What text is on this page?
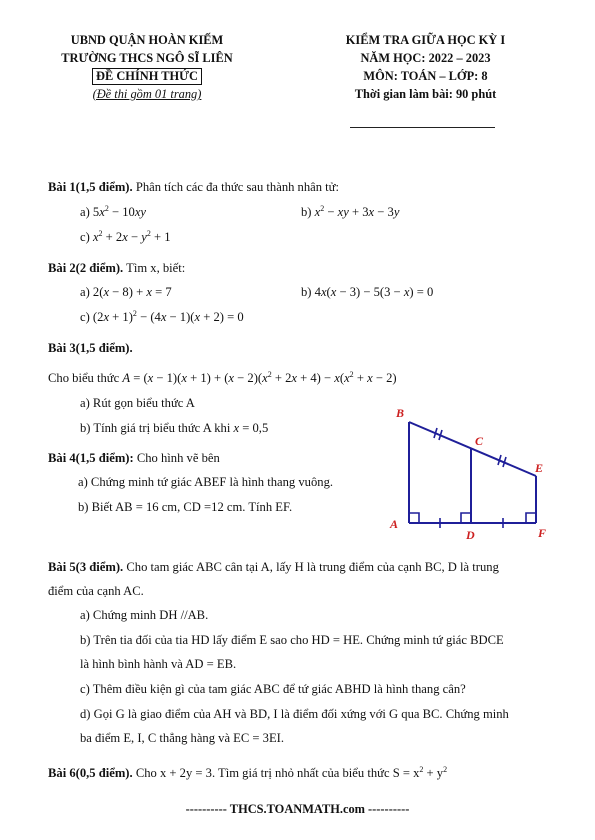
UBND QUẬN HOÀN KIẾM
TRƯỜNG THCS NGÔ SĨ LIÊN
ĐỀ CHÍNH THỨC
(Đề thi gồm 01 trang)
KIỂM TRA GIỮA HỌC KỲ I
NĂM HỌC: 2022 – 2023
MÔN: TOÁN – LỚP: 8
Thời gian làm bài: 90 phút
Bài 1(1,5 điểm). Phân tích các đa thức sau thành nhân tử:
a) $5x^2 - 10xy$	b) $x^2$ − xy + 3x − 3y
c) $x^2 + 2x - y^2 + 1$
Bài 2(2 điểm). Tìm x, biết:
a) 2(x − 8) + x = 7	b) 4x(x − 3) − 5(3 − x) = 0
c) $(2x + 1)^2 - (4x - 1)(x + 2) = 0$
Bài 3(1,5 điểm).
Cho biểu thức $A = (x - 1)(x + 1) + (x - 2)(x^2 + 2x + 4) - x(x^2 + x - 2)$
a) Rút gọn biểu thức A
b) Tính giá trị biểu thức A khi x = 0,5
Bài 4(1,5 điểm): Cho hình vẽ bên
a) Chứng minh tứ giác ABEF là hình thang vuông.
b) Biết AB = 16 cm, CD =12 cm. Tính EF.
A
B
C
D
E
F
Bài 5(3 điểm). Cho tam giác ABC cân tại A, lấy H là trung điểm của cạnh BC, D là trung
điểm của cạnh AC.
a) Chứng minh DH //AB.
b) Trên tia đối của tia HD lấy điểm E sao cho HD = HE. Chứng minh tứ giác BDCE
là hình bình hành và AD = EB.
c) Thêm điều kiện gì của tam giác ABC để tứ giác ABHD là hình thang cân?
d) Gọi G là giao điểm của AH và BD, I là điểm đối xứng với G qua BC. Chứng minh
ba điểm E, I, C thẳng hàng và EC = 3EI.
Bài 6(0,5 điểm). Cho x + 2y = 3. Tìm giá trị nhỏ nhất của biểu thức $S = x^2 + y^2$
---------- THCS.TOANMATH.com ----------
